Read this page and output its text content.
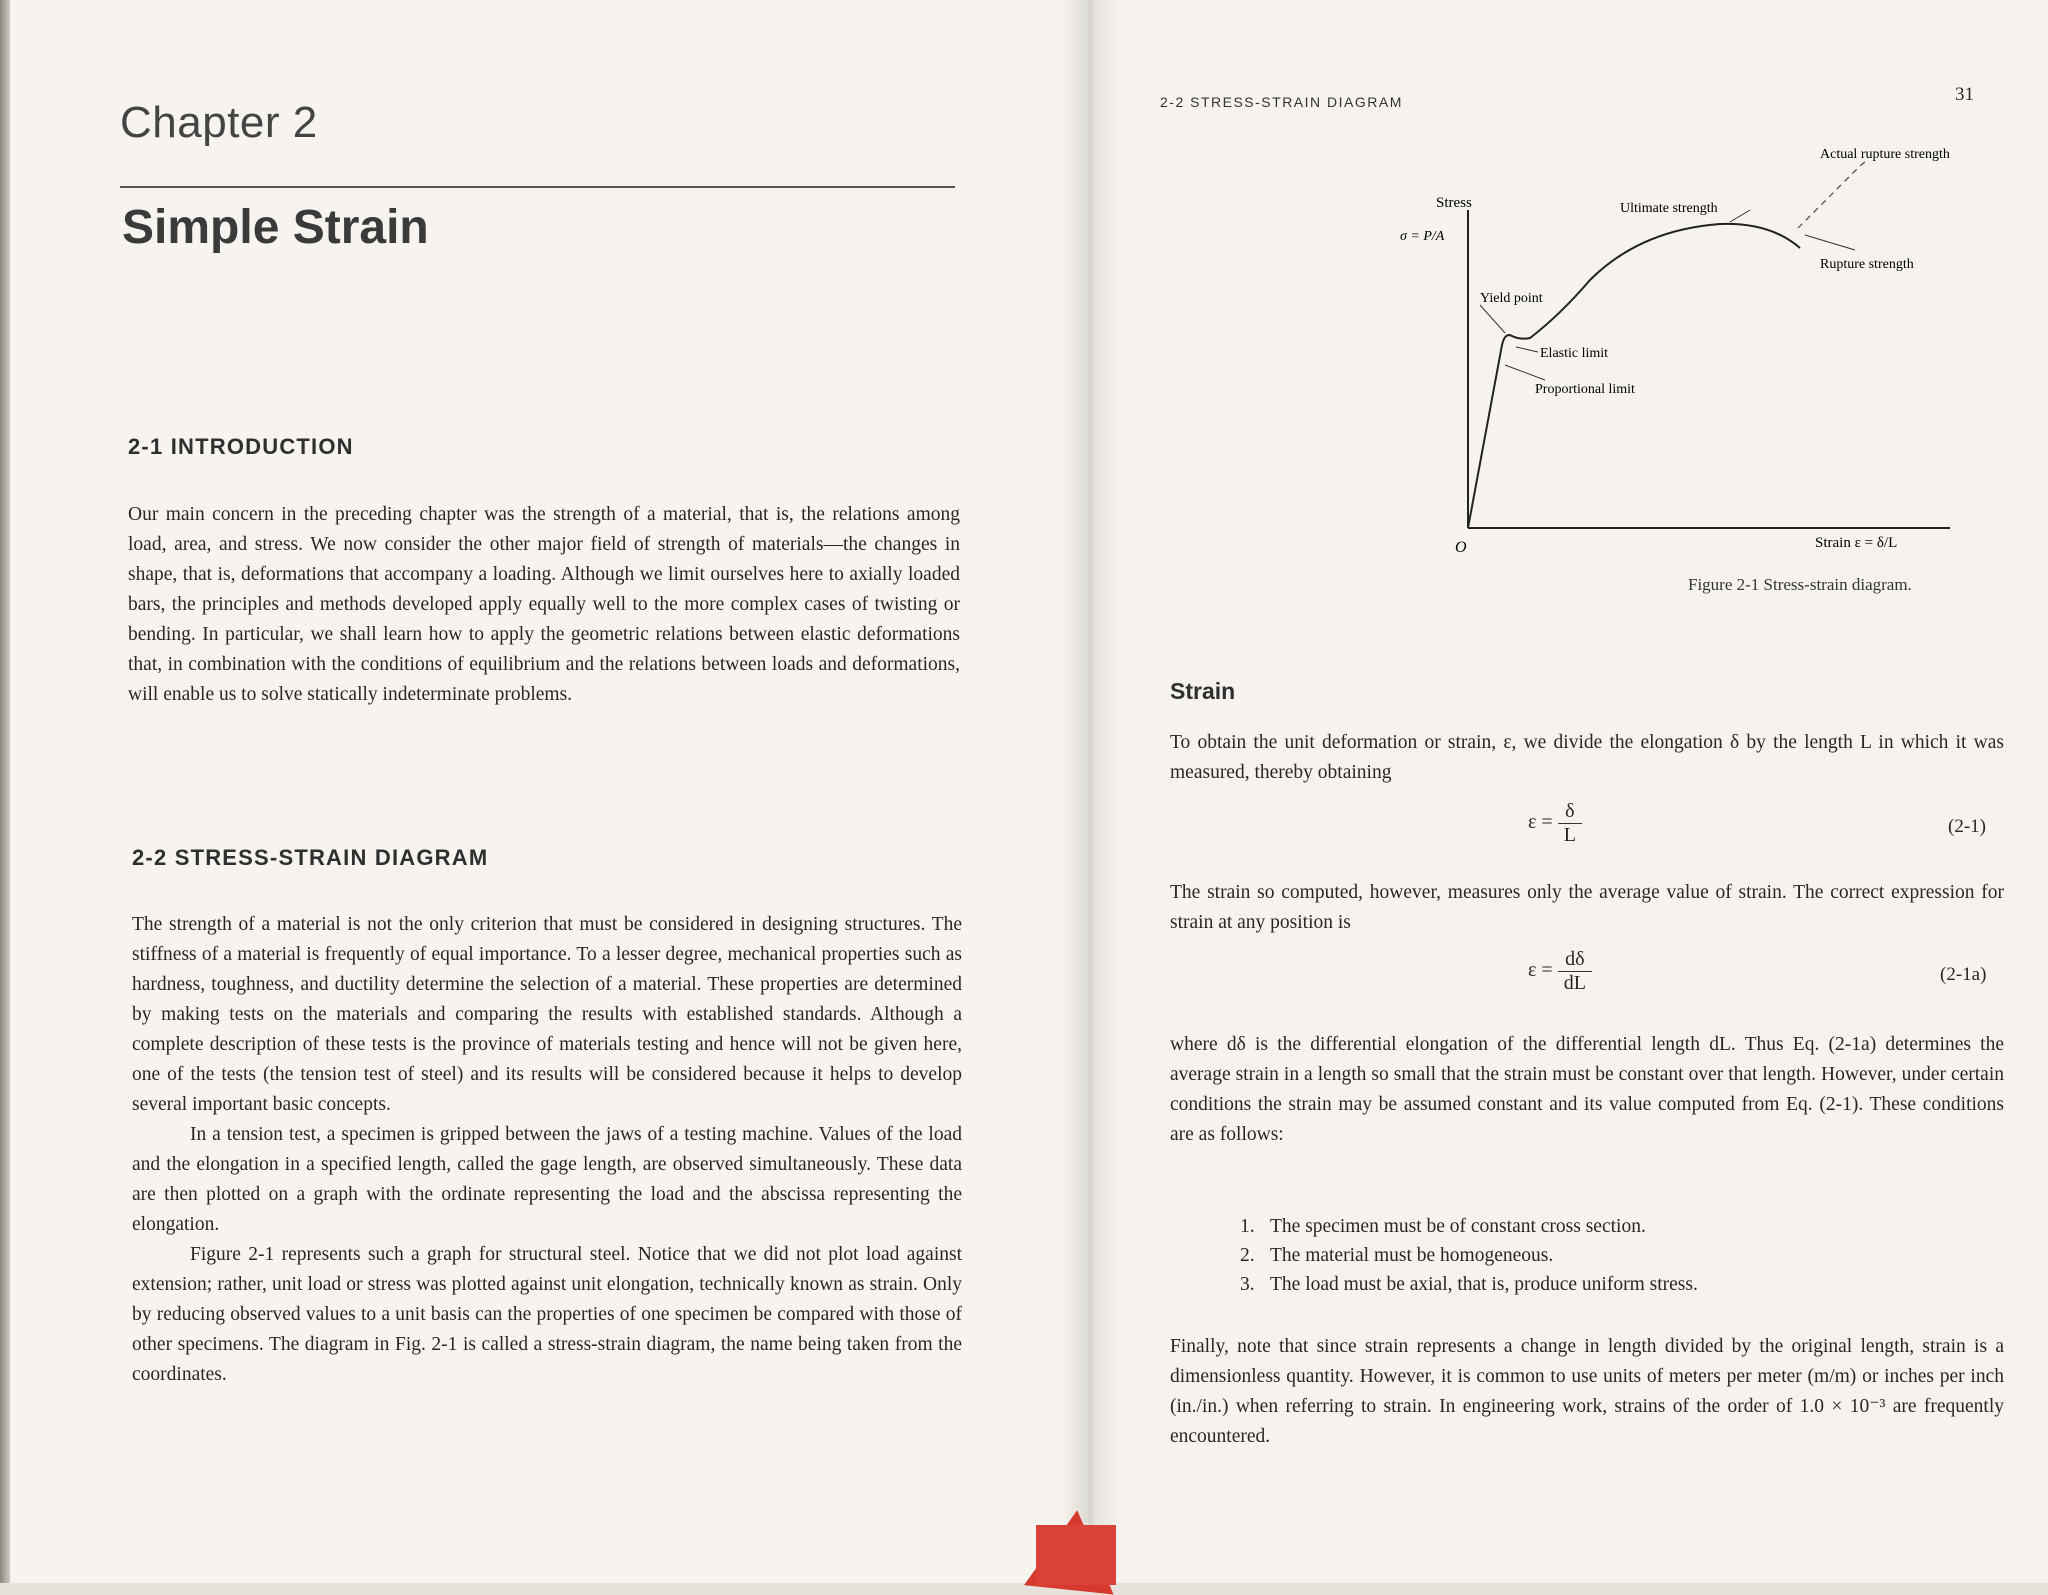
Chapter 2
Simple Strain
2-1 INTRODUCTION

Our main concern in the preceding chapter was the strength of a material, that is, the relations among load, area, and stress. We now consider the other major field of strength of materials—the changes in shape, that is, deformations that accompany a loading. Although we limit ourselves here to axially loaded bars, the principles and methods developed apply equally well to the more complex cases of twisting or bending. In particular, we shall learn how to apply the geometric relations between elastic deformations that, in combination with the conditions of equilibrium and the relations between loads and deformations, will enable us to solve statically indeterminate problems.

2-2 STRESS-STRAIN DIAGRAM

The strength of a material is not the only criterion that must be considered in designing structures. The stiffness of a material is frequently of equal importance. To a lesser degree, mechanical properties such as hardness, toughness, and ductility determine the selection of a material. These properties are determined by making tests on the materials and comparing the results with established standards. Although a complete description of these tests is the province of materials testing and hence will not be given here, one of the tests (the tension test of steel) and its results will be considered because it helps to develop several important basic concepts.

In a tension test, a specimen is gripped between the jaws of a testing machine. Values of the load and the elongation in a specified length, called the gage length, are observed simultaneously. These data are then plotted on a graph with the ordinate representing the load and the abscissa representing the elongation.

Figure 2-1 represents such a graph for structural steel. Notice that we did not plot load against extension; rather, unit load or stress was plotted against unit elongation, technically known as strain. Only by reducing observed values to a unit basis can the properties of one specimen be compared with those of other specimens. The diagram in Fig. 2-1 is called a stress-strain diagram, the name being taken from the coordinates.

2-2 STRESS-STRAIN DIAGRAM	31
Stress
σ = P/A
O	Strain ε = δ/L
Yield point
Elastic limit
Proportional limit
Ultimate strength
Actual rupture strength
Rupture strength
Figure 2-1 Stress-strain diagram.
Strain

To obtain the unit deformation or strain, ε, we divide the elongation δ by the length L in which it was measured, thereby obtaining

$\varepsilon = \frac{\delta}{L}$	(2-1)

The strain so computed, however, measures only the average value of strain. The correct expression for strain at any position is

$\varepsilon = \frac{d\delta}{dL}$	(2-1a)

where dδ is the differential elongation of the differential length dL. Thus Eq. (2-1a) determines the average strain in a length so small that the strain must be constant over that length. However, under certain conditions the strain may be assumed constant and its value computed from Eq. (2-1). These conditions are as follows:

1. The specimen must be of constant cross section.
2. The material must be homogeneous.
3. The load must be axial, that is, produce uniform stress.

Finally, note that since strain represents a change in length divided by the original length, strain is a dimensionless quantity. However, it is common to use units of meters per meter (m/m) or inches per inch (in./in.) when referring to strain. In engineering work, strains of the order of 1.0 × 10⁻³ are frequently encountered.
